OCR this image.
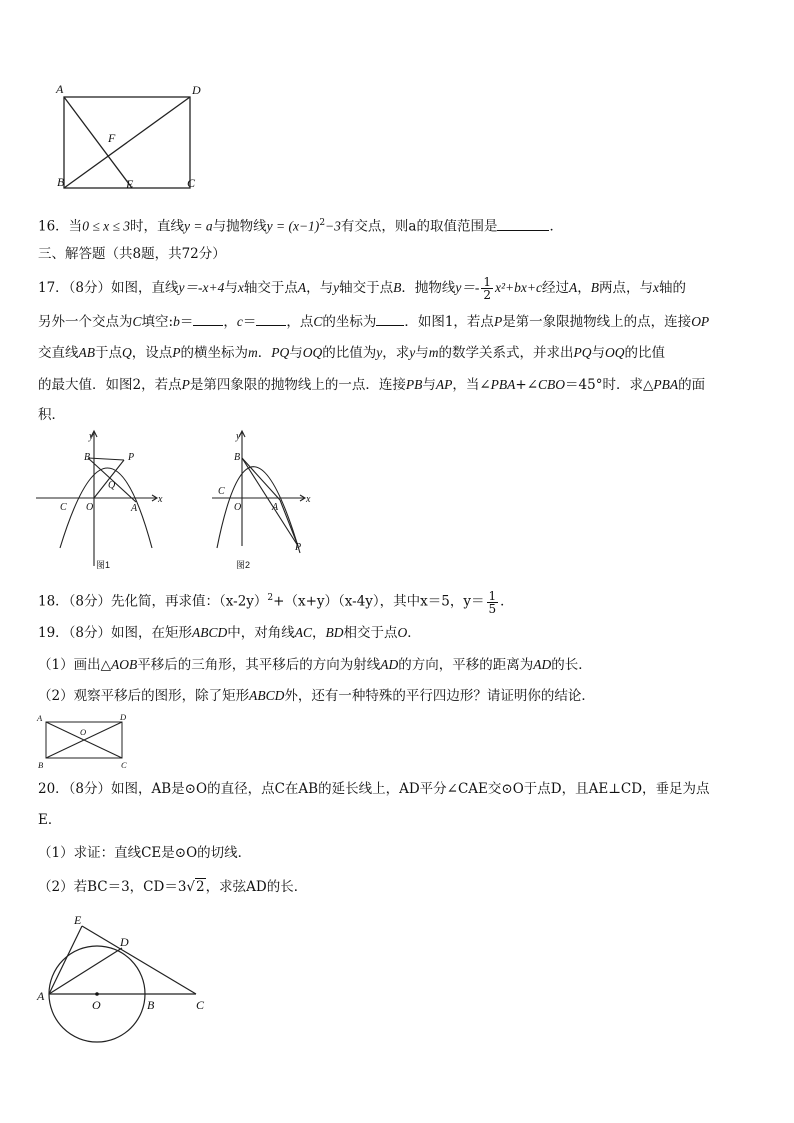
A	D
F
B	E	C
16．当0 ≤ x ≤ 3时，直线y = a与抛物线$y = (x-1)^2-3$有交点，则a的取值范围是	．
三、解答题（共8题，共72分）
17．（8分）如图，直线y＝-x+4与x轴交于点A，与y轴交于点B．抛物线$y=- \frac{1}{2} x^2+bx+c$经过A，B两点，与x轴的
另外一个交点为C填空:b＝ ，c＝ ，点C的坐标为 ．如图1，若点P是第一象限抛物线上的点，连接OP
交直线AB于点Q，设点P的横坐标为m．PQ与OQ的比值为y，求y与m的数学关系式，并求出PQ与OQ的比值
的最大值．如图2，若点P是第四象限的抛物线上的一点．连接PB与AP，当∠PBA+∠CBO＝45°时．求△PBA的面
积．
y
x
B	P
Q
C O	A
图1
y
x
B
C
O	A
P
图2
18．（8分）先化简，再求值：$(x-2y)^2+(x+y)(x-4y)$，其中x＝5，$y= \frac{1}{5}$ ．
19．（8分）如图，在矩形ABCD中，对角线AC，BD相交于点O．
（1）画出△AOB平移后的三角形，其平移后的方向为射线AD的方向，平移的距离为AD的长．
（2）观察平移后的图形，除了矩形ABCD外，还有一种特殊的平行四边形？请证明你的结论．
A	D
O
B	C
20．（8分）如图，AB是⊙O的直径，点C在AB的延长线上，AD平分∠CAE交⊙O于点D，且AE⊥CD，垂足为点
E．
（1）求证：直线CE是⊙O的切线．
（2）若BC＝3，CD＝3√2，求弦AD的长．
E
D
A
O	B	C
